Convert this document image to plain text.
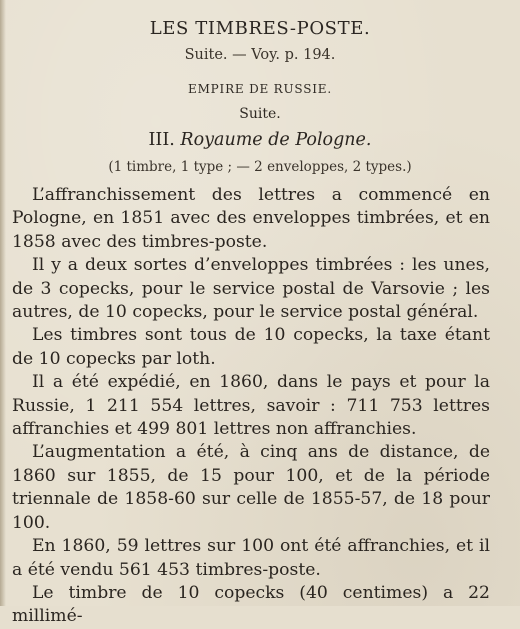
LES TIMBRES-POSTE.
Suite. — Voy. p. 194.
EMPIRE DE RUSSIE.
Suite.
III. Royaume de Pologne.
(1 timbre, 1 type ; — 2 enveloppes, 2 types.)

L’affranchissement des lettres a commencé en Pologne, en 1851 avec des enveloppes timbrées, et en 1858 avec des timbres-poste.

Il y a deux sortes d’enveloppes timbrées : les unes, de 3 copecks, pour le service postal de Varsovie ; les autres, de 10 copecks, pour le service postal général.

Les timbres sont tous de 10 copecks, la taxe étant de 10 copecks par loth.

Il a été expédié, en 1860, dans le pays et pour la Russie, 1 211 554 lettres, savoir : 711 753 lettres affranchies et 499 801 lettres non affranchies.

L’augmentation a été, à cinq ans de distance, de 1860 sur 1855, de 15 pour 100, et de la période triennale de 1858-60 sur celle de 1855-57, de 18 pour 100.

En 1860, 59 lettres sur 100 ont été affranchies, et il a été vendu 561 453 timbres-poste.

Le timbre de 10 copecks (40 centimes) a 22 millimé-
